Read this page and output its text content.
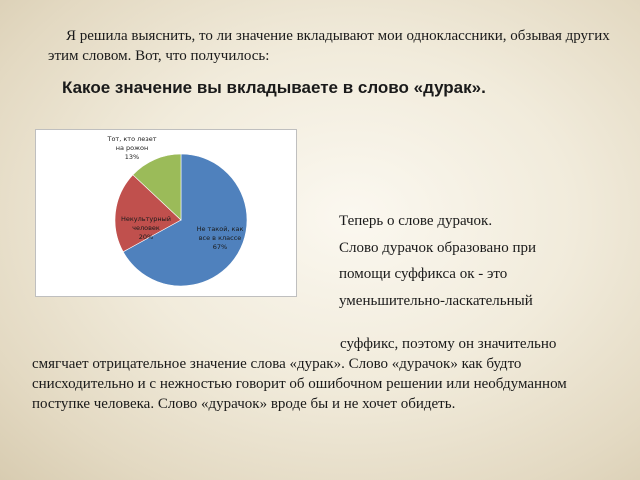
Я решила выяснить, то ли значение вкладывают мои одноклассники, обзывая других этим словом. Вот, что получилось:
Какое значение вы вкладываете в слово «дурак».
Не такой, как все в классе 67%
Некультурный человек 20%
Тот, кто лезет на рожон 13%
Теперь о слове дурачок.
Слово дурачок образовано при
помощи суффикса ок - это
уменьшительно-ласкательный
суффикс, поэтому он значительно смягчает отрицательное значение слова «дурак». Слово «дурачок» как будто снисходительно и с нежностью говорит об ошибочном решении или необдуманном поступке человека. Слово «дурачок» вроде бы и не хочет обидеть.
